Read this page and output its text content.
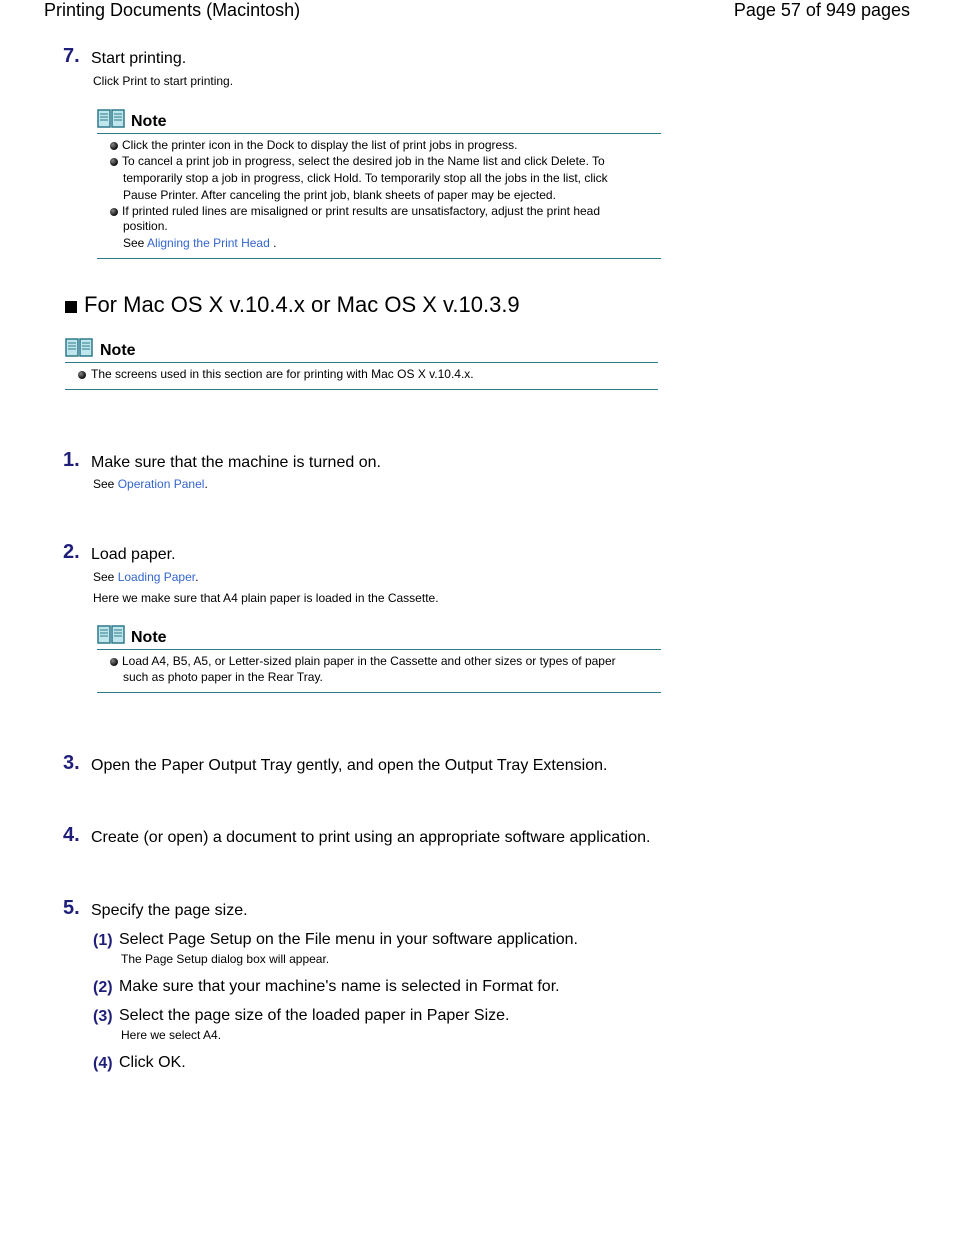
Printing Documents (Macintosh)	Page 57 of 949 pages
7. Start printing.
Click Print to start printing.
Note
Click the printer icon in the Dock to display the list of print jobs in progress.
To cancel a print job in progress, select the desired job in the Name list and click Delete. To
temporarily stop a job in progress, click Hold. To temporarily stop all the jobs in the list, click
Pause Printer. After canceling the print job, blank sheets of paper may be ejected.
If printed ruled lines are misaligned or print results are unsatisfactory, adjust the print head
position.
See Aligning the Print Head .
For Mac OS X v.10.4.x or Mac OS X v.10.3.9
Note
The screens used in this section are for printing with Mac OS X v.10.4.x.
1. Make sure that the machine is turned on.
See Operation Panel.
2. Load paper.
See Loading Paper.
Here we make sure that A4 plain paper is loaded in the Cassette.
Note
Load A4, B5, A5, or Letter-sized plain paper in the Cassette and other sizes or types of paper
such as photo paper in the Rear Tray.
3. Open the Paper Output Tray gently, and open the Output Tray Extension.
4. Create (or open) a document to print using an appropriate software application.
5. Specify the page size.
(1) Select Page Setup on the File menu in your software application.
The Page Setup dialog box will appear.
(2) Make sure that your machine's name is selected in Format for.
(3) Select the page size of the loaded paper in Paper Size.
Here we select A4.
(4) Click OK.
